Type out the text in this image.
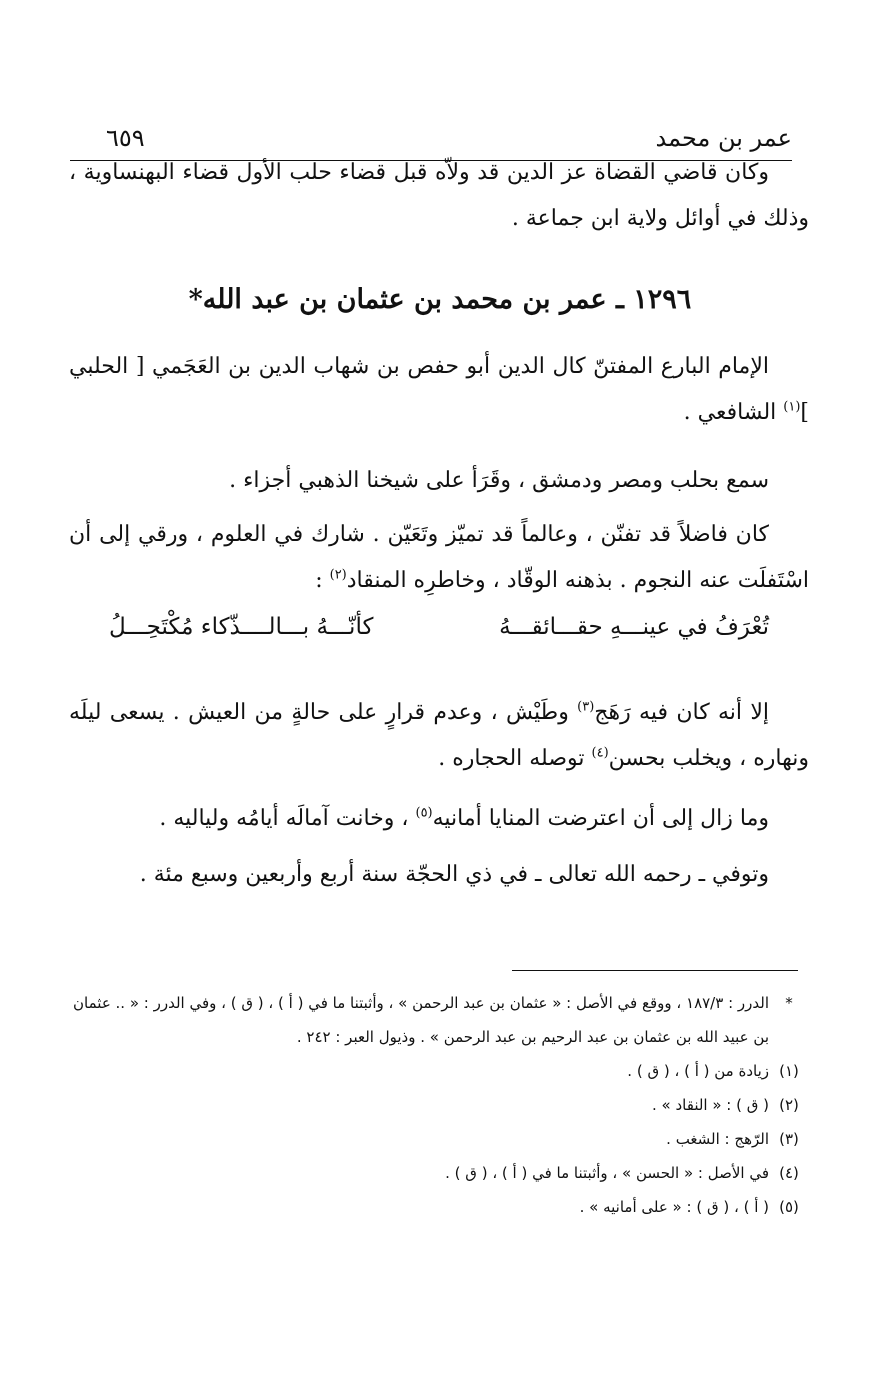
عمر بن محمد
٦٥٩

وكان قاضي القضاة عز الدين قد ولاّه قبل قضاء حلب الأول قضاء البهنساوية ، وذلك في أوائل ولاية ابن جماعة .

١٢٩٦ ـ عمر بن محمد بن عثمان بن عبد الله*

الإمام البارع المفتنّ كال الدين أبو حفص بن شهاب الدين بن العَجَمي [ الحلبي ]$^{(١)}$ الشافعي .

سمع بحلب ومصر ودمشق ، وقَرَأ على شيخنا الذهبي أجزاء .

كان فاضلاً قد تفنّن ، وعالماً قد تميّز وتَعَيّن . شارك في العلوم ، ورقي إلى أن اسْتَفلَت عنه النجوم . بذهنه الوقّاد ، وخاطرِه المنقاد$^{(٢)}$ :

تُعْرَفُ في عينـــهِ حقـــائقـــهُ
كأنّـــهُ بـــالــــذّكاء مُكْتَحِـــلُ

إلا أنه كان فيه رَهَج$^{(٣)}$ وطَيْش ، وعدم قرارٍ على حالةٍ من العيش . يسعى ليلَه ونهاره ، ويخلب بحسن$^{(٤)}$ توصله الحجاره .

وما زال إلى أن اعترضت المنايا أمانيه$^{(٥)}$ ، وخانت آمالَه أيامُه ولياليه .

وتوفي ـ رحمه الله تعالى ـ في ذي الحجّة سنة أربع وأربعين وسبع مئة .

*
الدرر : ١٨٧/٣ ، ووقع في الأصل : « عثمان بن عبد الرحمن » ، وأثبتنا ما في ( أ ) ، ( ق ) ، وفي الدرر : « .. عثمان بن عبيد الله بن عثمان بن عبد الرحيم بن عبد الرحمن » . وذيول العبر : ٢٤٢ .
(١)
زيادة من ( أ ) ، ( ق ) .
(٢)
( ق ) : « النقاد » .
(٣)
الرّهج : الشغب .
(٤)
في الأصل : « الحسن » ، وأثبتنا ما في ( أ ) ، ( ق ) .
(٥)
( أ ) ، ( ق ) : « على أمانيه » .
